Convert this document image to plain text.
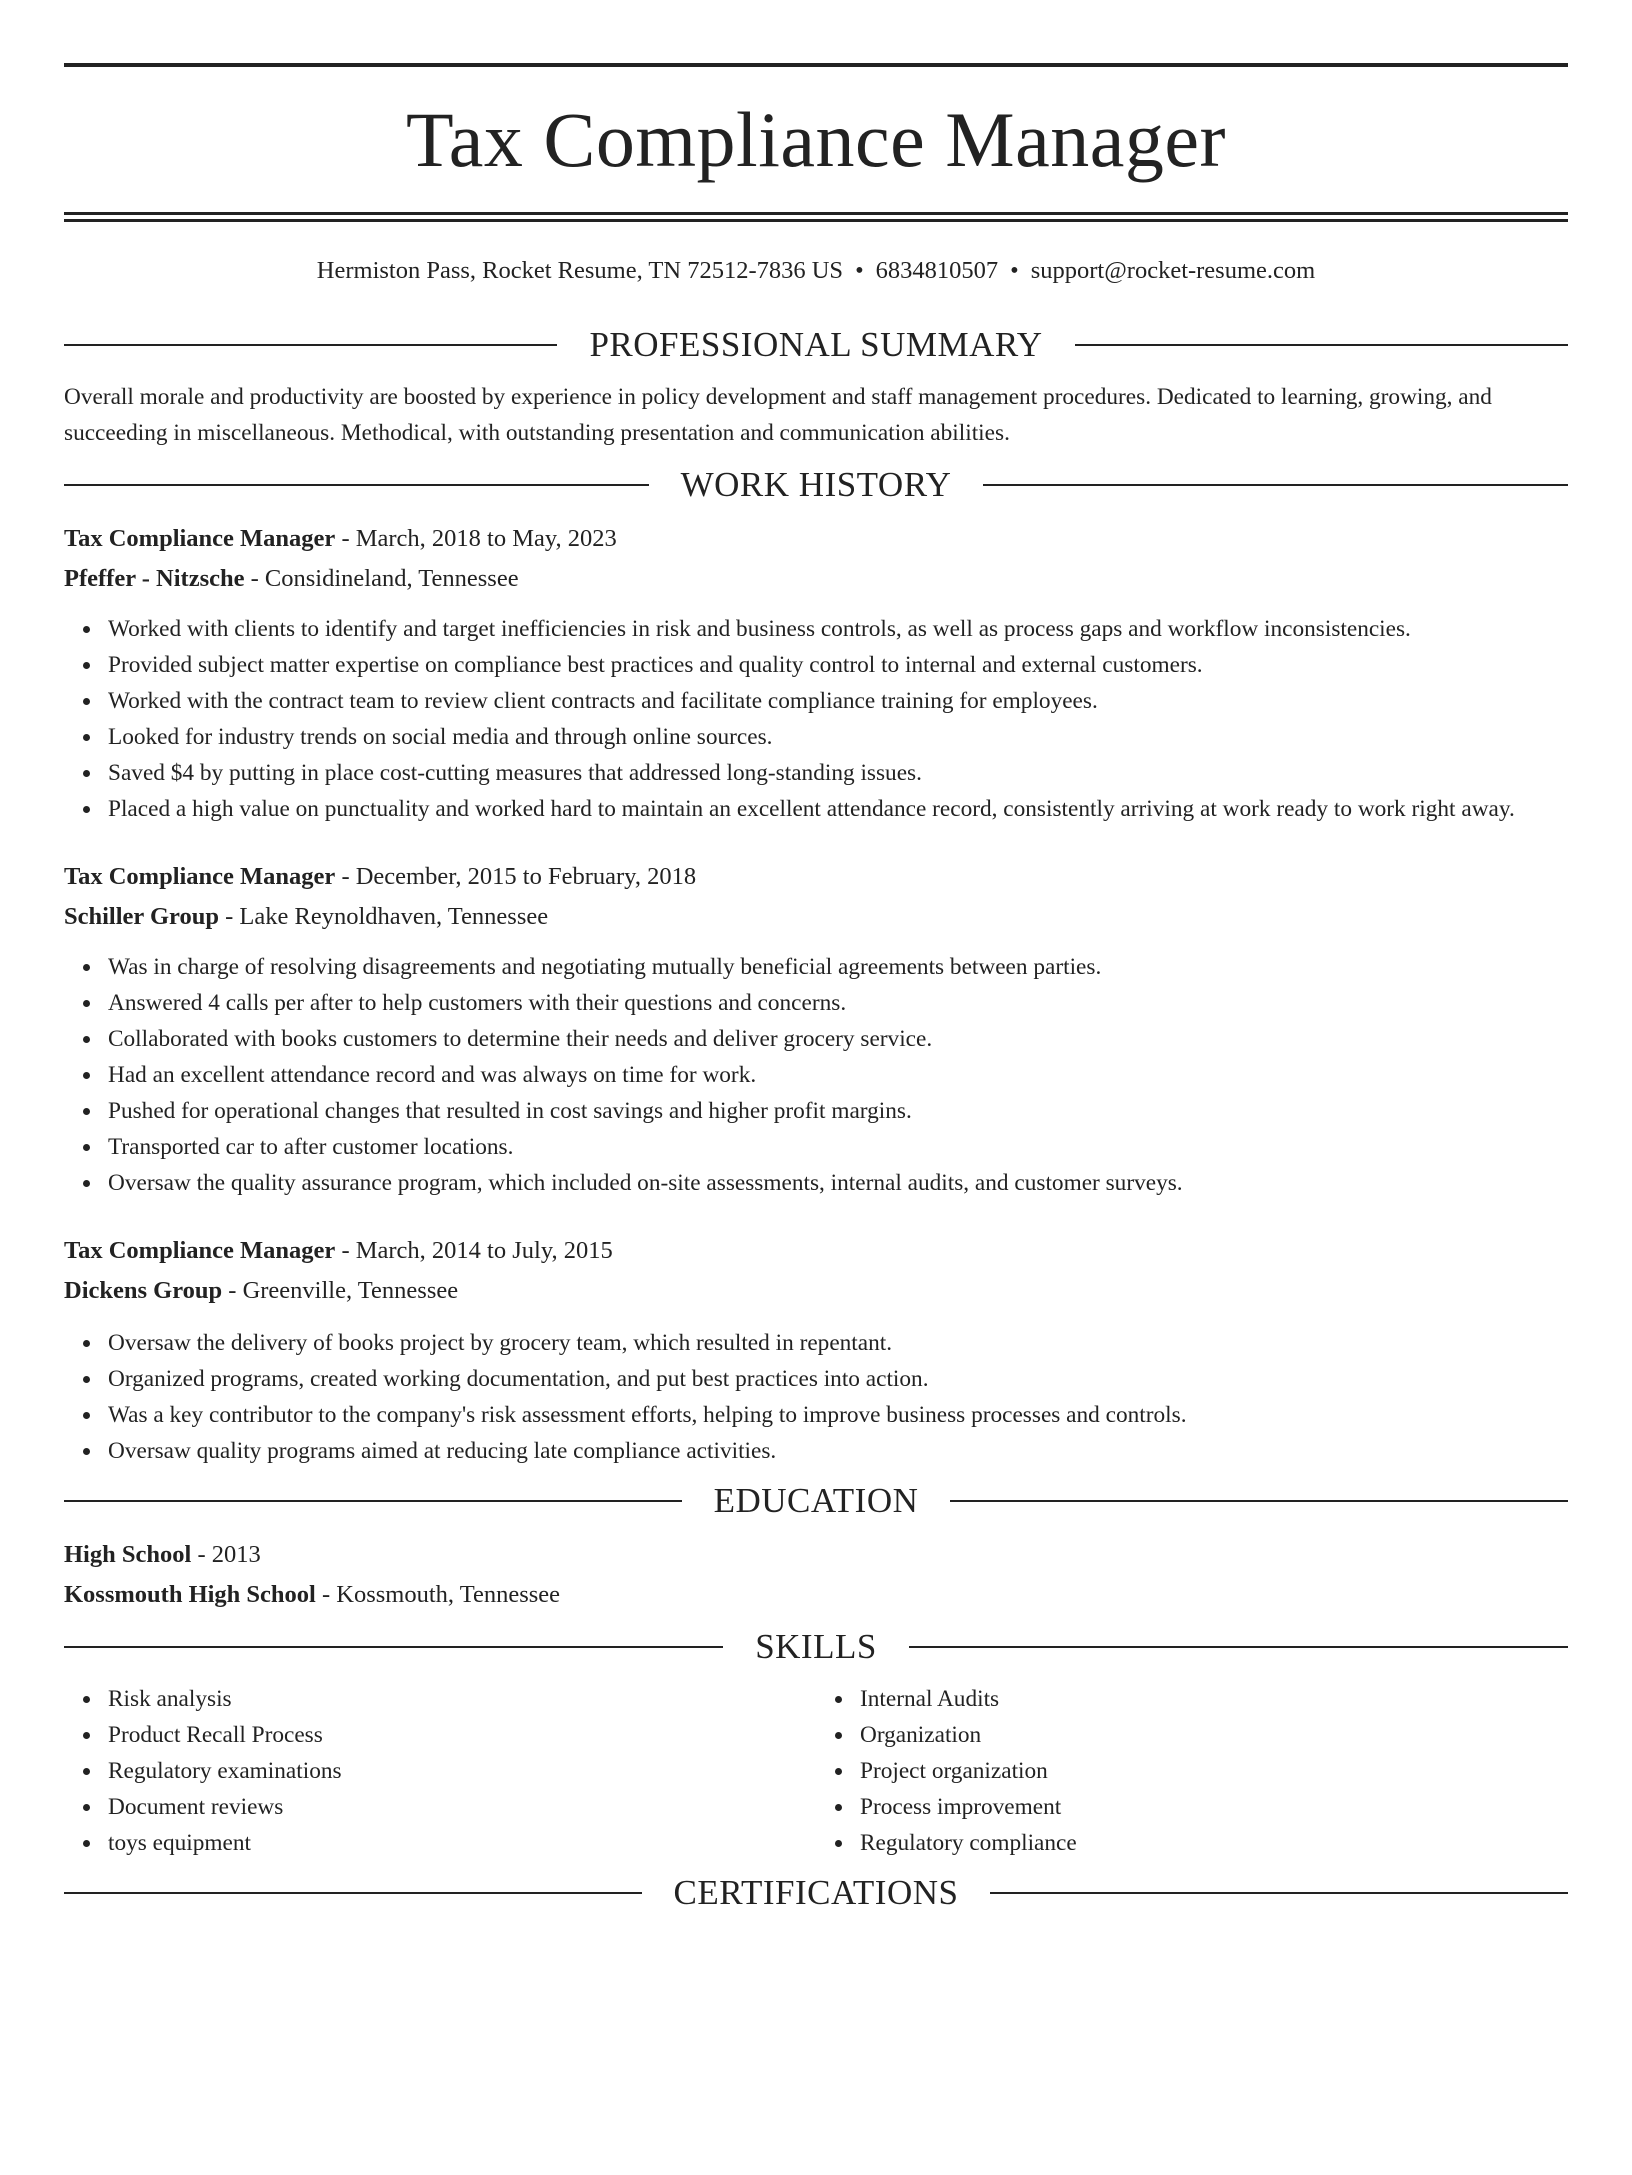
Tax Compliance Manager
Hermiston Pass, Rocket Resume, TN 72512-7836 US • 6834810507 • support@rocket-resume.com
PROFESSIONAL SUMMARY

Overall morale and productivity are boosted by experience in policy development and staff management procedures. Dedicated to learning, growing, and succeeding in miscellaneous. Methodical, with outstanding presentation and communication abilities.

WORK HISTORY
Tax Compliance Manager - March, 2018 to May, 2023
Pfeffer - Nitzsche - Considineland, Tennessee
Worked with clients to identify and target inefficiencies in risk and business controls, as well as process gaps and workflow inconsistencies.
Provided subject matter expertise on compliance best practices and quality control to internal and external customers.
Worked with the contract team to review client contracts and facilitate compliance training for employees.
Looked for industry trends on social media and through online sources.
Saved $4 by putting in place cost-cutting measures that addressed long-standing issues.
Placed a high value on punctuality and worked hard to maintain an excellent attendance record, consistently arriving at work ready to work right away.
Tax Compliance Manager - December, 2015 to February, 2018
Schiller Group - Lake Reynoldhaven, Tennessee
Was in charge of resolving disagreements and negotiating mutually beneficial agreements between parties.
Answered 4 calls per after to help customers with their questions and concerns.
Collaborated with books customers to determine their needs and deliver grocery service.
Had an excellent attendance record and was always on time for work.
Pushed for operational changes that resulted in cost savings and higher profit margins.
Transported car to after customer locations.
Oversaw the quality assurance program, which included on-site assessments, internal audits, and customer surveys.
Tax Compliance Manager - March, 2014 to July, 2015
Dickens Group - Greenville, Tennessee
Oversaw the delivery of books project by grocery team, which resulted in repentant.
Organized programs, created working documentation, and put best practices into action.
Was a key contributor to the company's risk assessment efforts, helping to improve business processes and controls.
Oversaw quality programs aimed at reducing late compliance activities.
EDUCATION
High School - 2013
Kossmouth High School - Kossmouth, Tennessee
SKILLS
Risk analysis
Product Recall Process
Regulatory examinations
Document reviews
toys equipment
Internal Audits
Organization
Project organization
Process improvement
Regulatory compliance
CERTIFICATIONS
